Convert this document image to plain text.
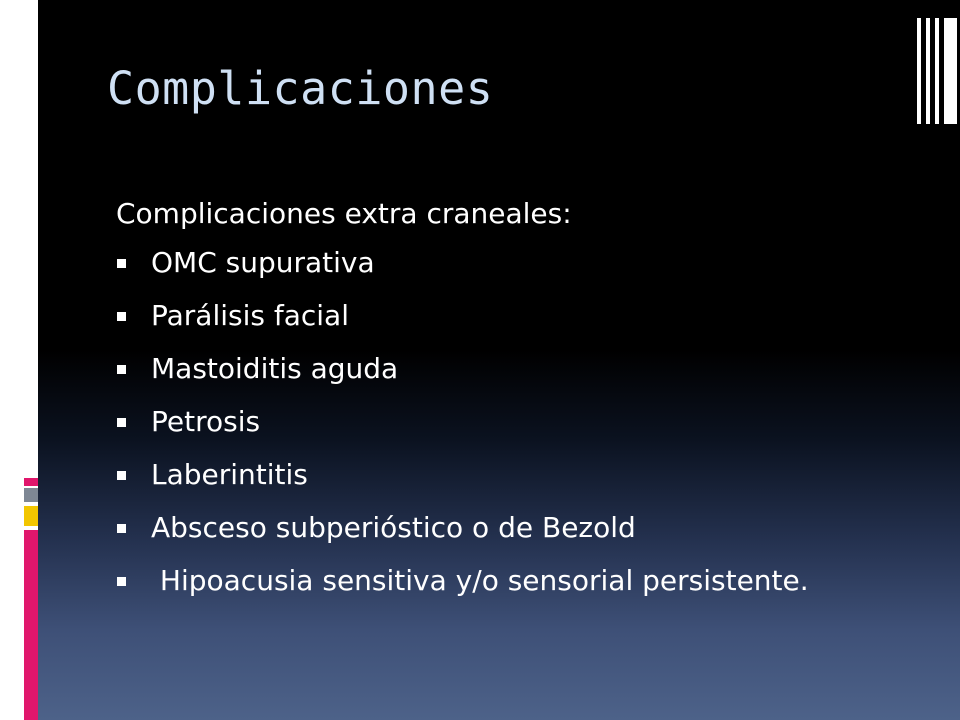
Complicaciones
Complicaciones extra craneales:
OMC supurativa
Parálisis facial
Mastoiditis aguda
Petrosis
Laberintitis
Absceso subperióstico o de Bezold
Hipoacusia sensitiva y/o sensorial persistente.
